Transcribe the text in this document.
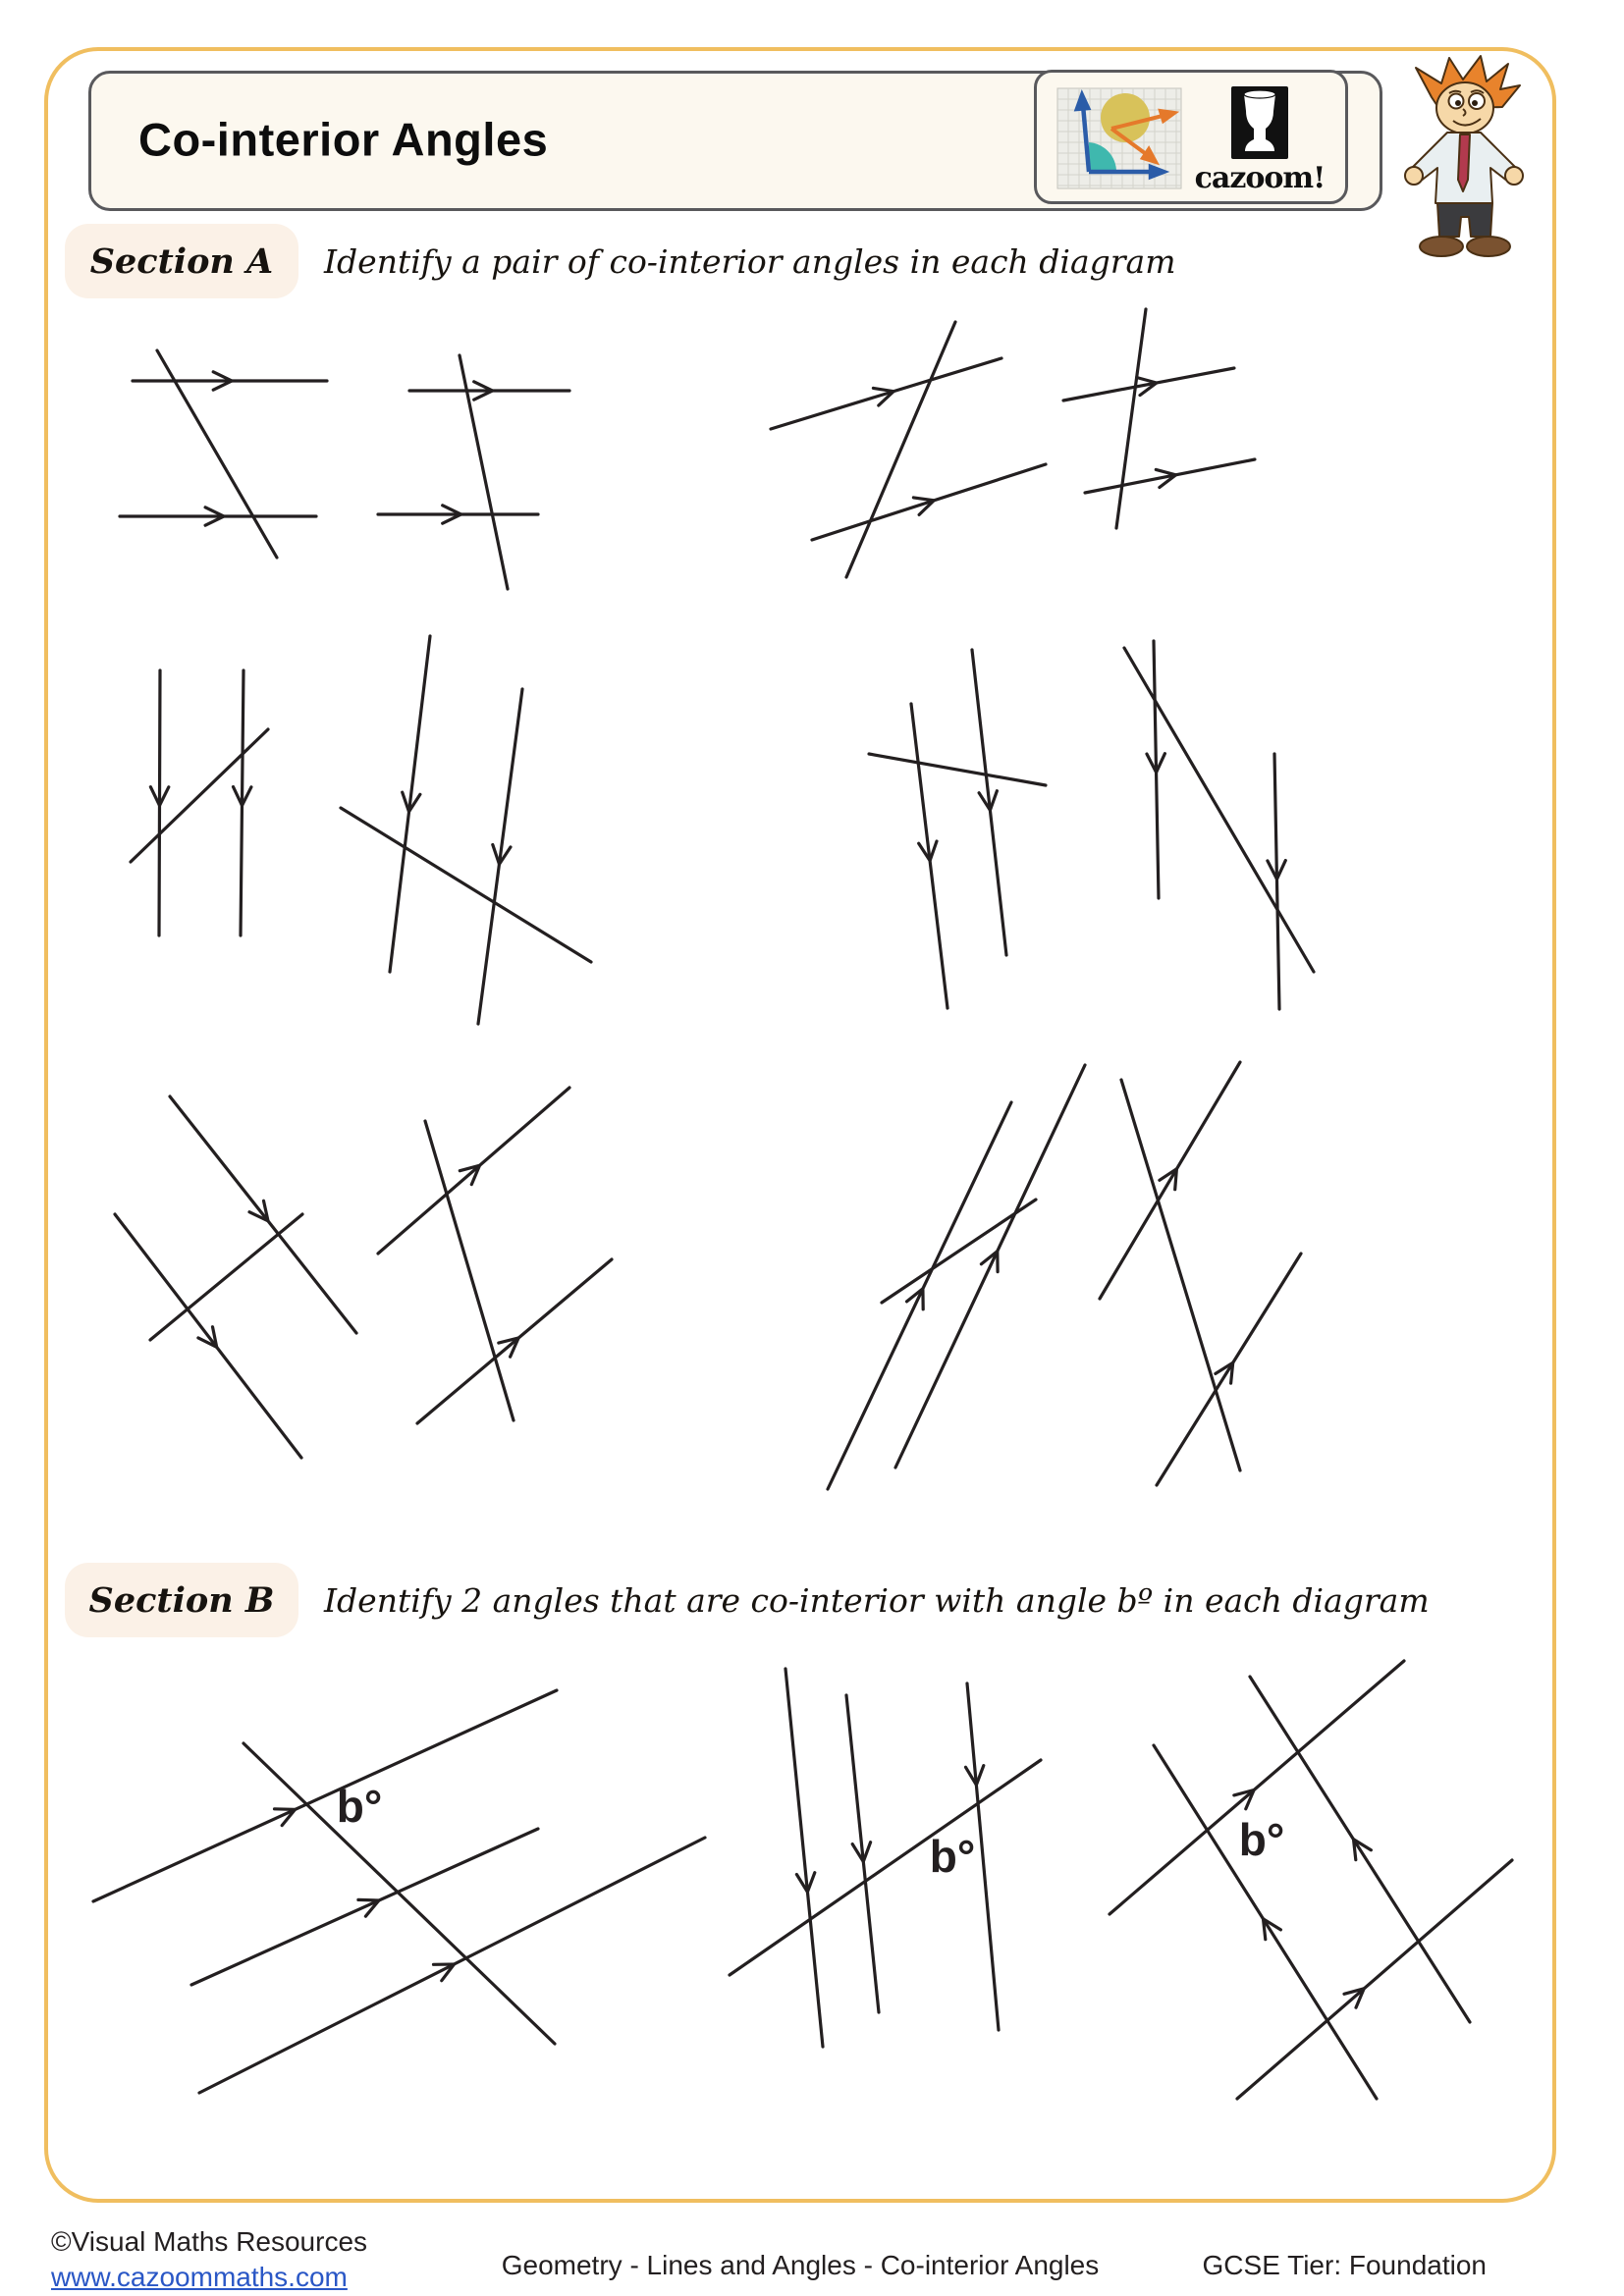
Co-interior Angles
cazoom!
Section A Identify a pair of co-interior angles in each diagram
Section B Identify 2 angles that are co-interior with angle bº in each diagram
b°
b°	b°
©Visual Maths Resources
www.cazoommaths.com	Geometry - Lines and Angles - Co-interior Angles	GCSE Tier: Foundation
